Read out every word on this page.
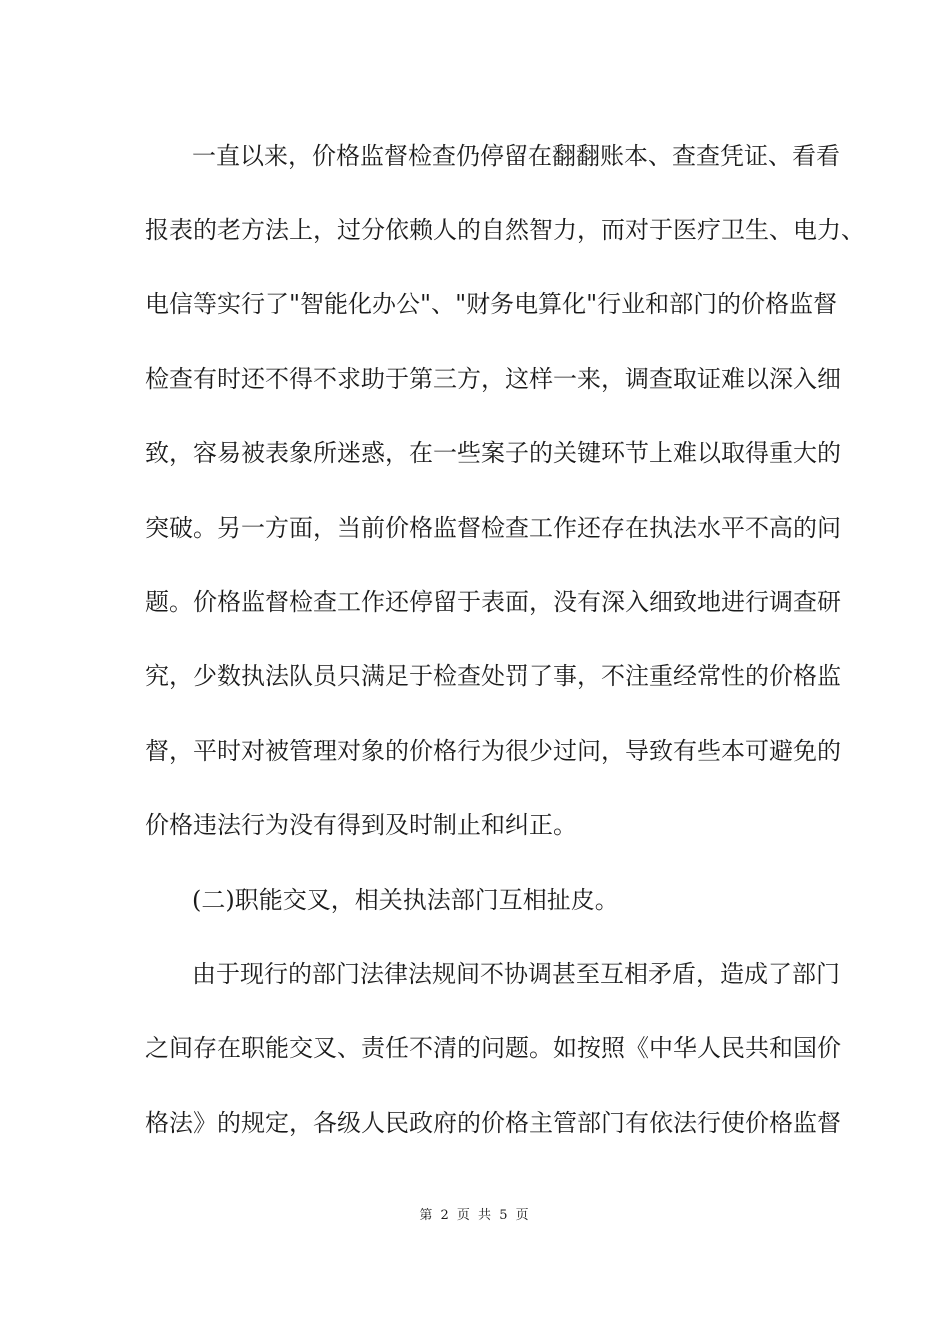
一直以来，价格监督检查仍停留在翻翻账本、查查凭证、看看
报表的老方法上，过分依赖人的自然智力，而对于医疗卫生、电力、
电信等实行了"智能化办公"、"财务电算化"行业和部门的价格监督
检查有时还不得不求助于第三方，这样一来，调查取证难以深入细
致，容易被表象所迷惑，在一些案子的关键环节上难以取得重大的
突破。另一方面，当前价格监督检查工作还存在执法水平不高的问
题。价格监督检查工作还停留于表面，没有深入细致地进行调查研
究，少数执法队员只满足于检查处罚了事，不注重经常性的价格监
督，平时对被管理对象的价格行为很少过问，导致有些本可避免的
价格违法行为没有得到及时制止和纠正。
(二)职能交叉，相关执法部门互相扯皮。
由于现行的部门法律法规间不协调甚至互相矛盾，造成了部门
之间存在职能交叉、责任不清的问题。如按照《中华人民共和国价
格法》的规定，各级人民政府的价格主管部门有依法行使价格监督
第 2 页 共 5 页
